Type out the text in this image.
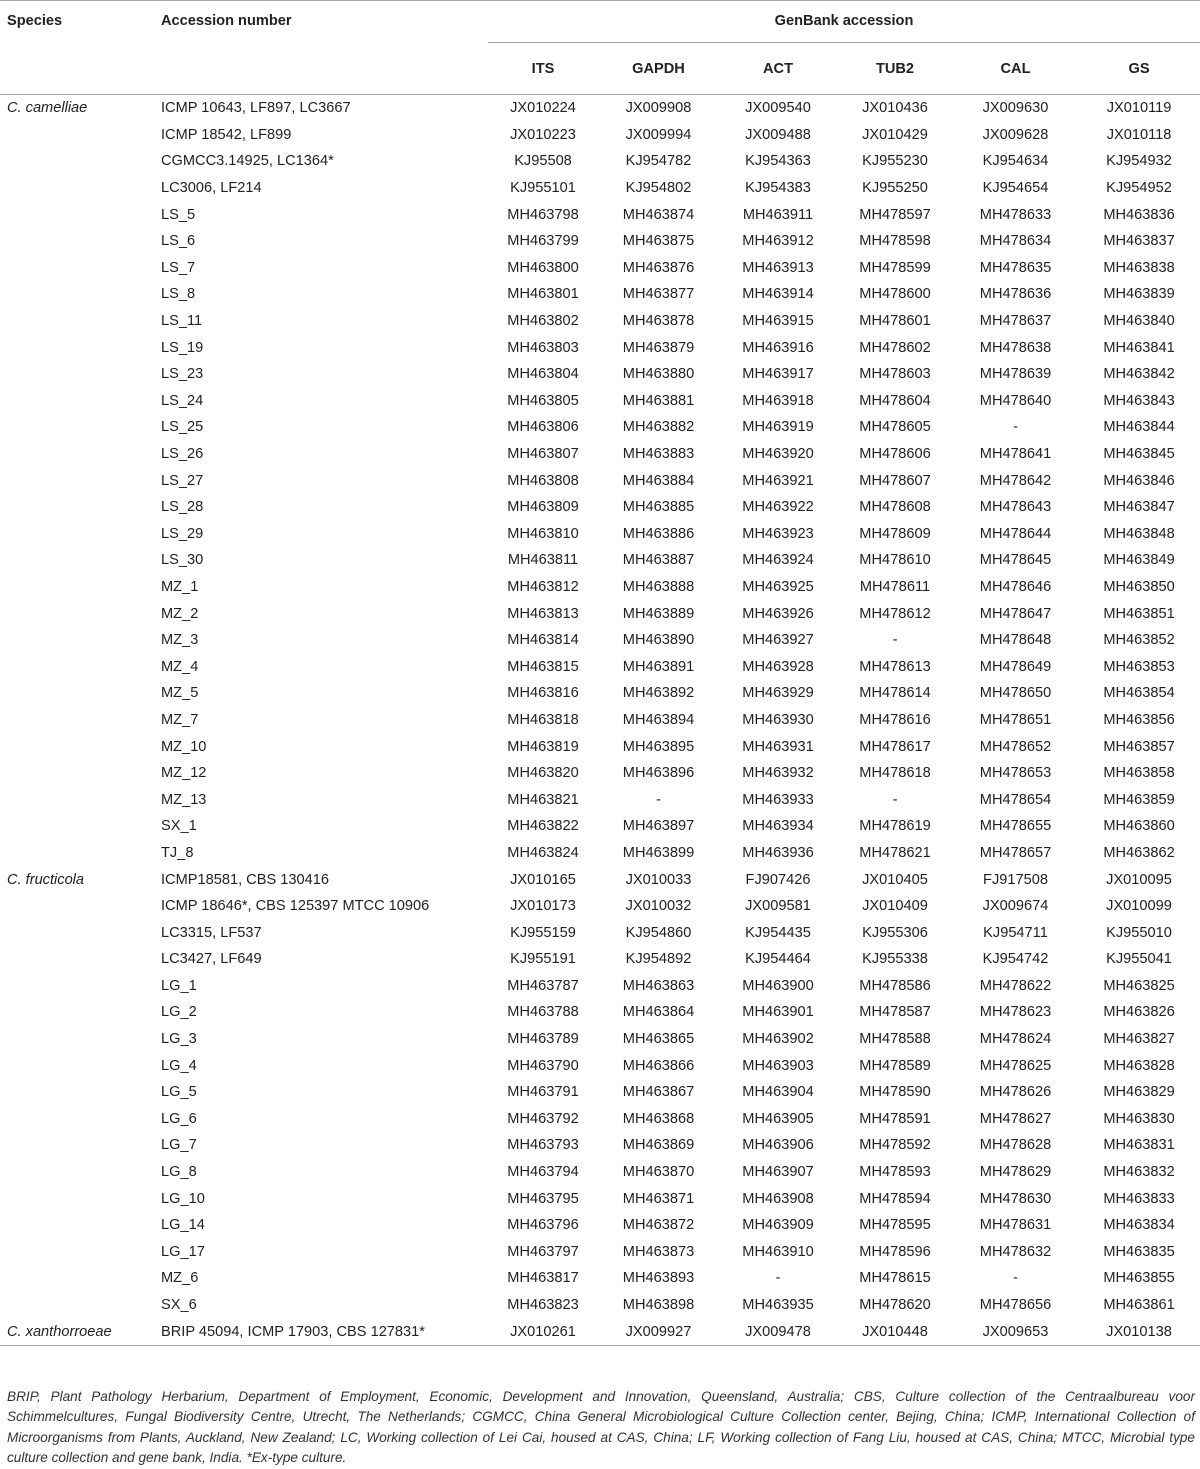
Species	Accession number	GenBank accession					
		ITS	GAPDH	ACT	TUB2	CAL	GS
C. camelliae	ICMP 10643, LF897, LC3667	JX010224	JX009908	JX009540	JX010436	JX009630	JX010119
	ICMP 18542, LF899	JX010223	JX009994	JX009488	JX010429	JX009628	JX010118
	CGMCC3.14925, LC1364*	KJ95508	KJ954782	KJ954363	KJ955230	KJ954634	KJ954932
	LC3006, LF214	KJ955101	KJ954802	KJ954383	KJ955250	KJ954654	KJ954952
	LS_5	MH463798	MH463874	MH463911	MH478597	MH478633	MH463836
	LS_6	MH463799	MH463875	MH463912	MH478598	MH478634	MH463837
	LS_7	MH463800	MH463876	MH463913	MH478599	MH478635	MH463838
	LS_8	MH463801	MH463877	MH463914	MH478600	MH478636	MH463839
	LS_11	MH463802	MH463878	MH463915	MH478601	MH478637	MH463840
	LS_19	MH463803	MH463879	MH463916	MH478602	MH478638	MH463841
	LS_23	MH463804	MH463880	MH463917	MH478603	MH478639	MH463842
	LS_24	MH463805	MH463881	MH463918	MH478604	MH478640	MH463843
	LS_25	MH463806	MH463882	MH463919	MH478605	-	MH463844
	LS_26	MH463807	MH463883	MH463920	MH478606	MH478641	MH463845
	LS_27	MH463808	MH463884	MH463921	MH478607	MH478642	MH463846
	LS_28	MH463809	MH463885	MH463922	MH478608	MH478643	MH463847
	LS_29	MH463810	MH463886	MH463923	MH478609	MH478644	MH463848
	LS_30	MH463811	MH463887	MH463924	MH478610	MH478645	MH463849
	MZ_1	MH463812	MH463888	MH463925	MH478611	MH478646	MH463850
	MZ_2	MH463813	MH463889	MH463926	MH478612	MH478647	MH463851
	MZ_3	MH463814	MH463890	MH463927	-	MH478648	MH463852
	MZ_4	MH463815	MH463891	MH463928	MH478613	MH478649	MH463853
	MZ_5	MH463816	MH463892	MH463929	MH478614	MH478650	MH463854
	MZ_7	MH463818	MH463894	MH463930	MH478616	MH478651	MH463856
	MZ_10	MH463819	MH463895	MH463931	MH478617	MH478652	MH463857
	MZ_12	MH463820	MH463896	MH463932	MH478618	MH478653	MH463858
	MZ_13	MH463821	-	MH463933	-	MH478654	MH463859
	SX_1	MH463822	MH463897	MH463934	MH478619	MH478655	MH463860
	TJ_8	MH463824	MH463899	MH463936	MH478621	MH478657	MH463862
C. fructicola	ICMP18581, CBS 130416	JX010165	JX010033	FJ907426	JX010405	FJ917508	JX010095
	ICMP 18646*, CBS 125397 MTCC 10906	JX010173	JX010032	JX009581	JX010409	JX009674	JX010099
	LC3315, LF537	KJ955159	KJ954860	KJ954435	KJ955306	KJ954711	KJ955010
	LC3427, LF649	KJ955191	KJ954892	KJ954464	KJ955338	KJ954742	KJ955041
	LG_1	MH463787	MH463863	MH463900	MH478586	MH478622	MH463825
	LG_2	MH463788	MH463864	MH463901	MH478587	MH478623	MH463826
	LG_3	MH463789	MH463865	MH463902	MH478588	MH478624	MH463827
	LG_4	MH463790	MH463866	MH463903	MH478589	MH478625	MH463828
	LG_5	MH463791	MH463867	MH463904	MH478590	MH478626	MH463829
	LG_6	MH463792	MH463868	MH463905	MH478591	MH478627	MH463830
	LG_7	MH463793	MH463869	MH463906	MH478592	MH478628	MH463831
	LG_8	MH463794	MH463870	MH463907	MH478593	MH478629	MH463832
	LG_10	MH463795	MH463871	MH463908	MH478594	MH478630	MH463833
	LG_14	MH463796	MH463872	MH463909	MH478595	MH478631	MH463834
	LG_17	MH463797	MH463873	MH463910	MH478596	MH478632	MH463835
	MZ_6	MH463817	MH463893	-	MH478615	-	MH463855
	SX_6	MH463823	MH463898	MH463935	MH478620	MH478656	MH463861
C. xanthorroeae	BRIP 45094, ICMP 17903, CBS 127831*	JX010261	JX009927	JX009478	JX010448	JX009653	JX010138

BRIP, Plant Pathology Herbarium, Department of Employment, Economic, Development and Innovation, Queensland, Australia; CBS, Culture collection of the Centraalbureau voor Schimmelcultures, Fungal Biodiversity Centre, Utrecht, The Netherlands; CGMCC, China General Microbiological Culture Collection center, Bejing, China; ICMP, International Collection of Microorganisms from Plants, Auckland, New Zealand; LC, Working collection of Lei Cai, housed at CAS, China; LF, Working collection of Fang Liu, housed at CAS, China; MTCC, Microbial type culture collection and gene bank, India. *Ex-type culture.
